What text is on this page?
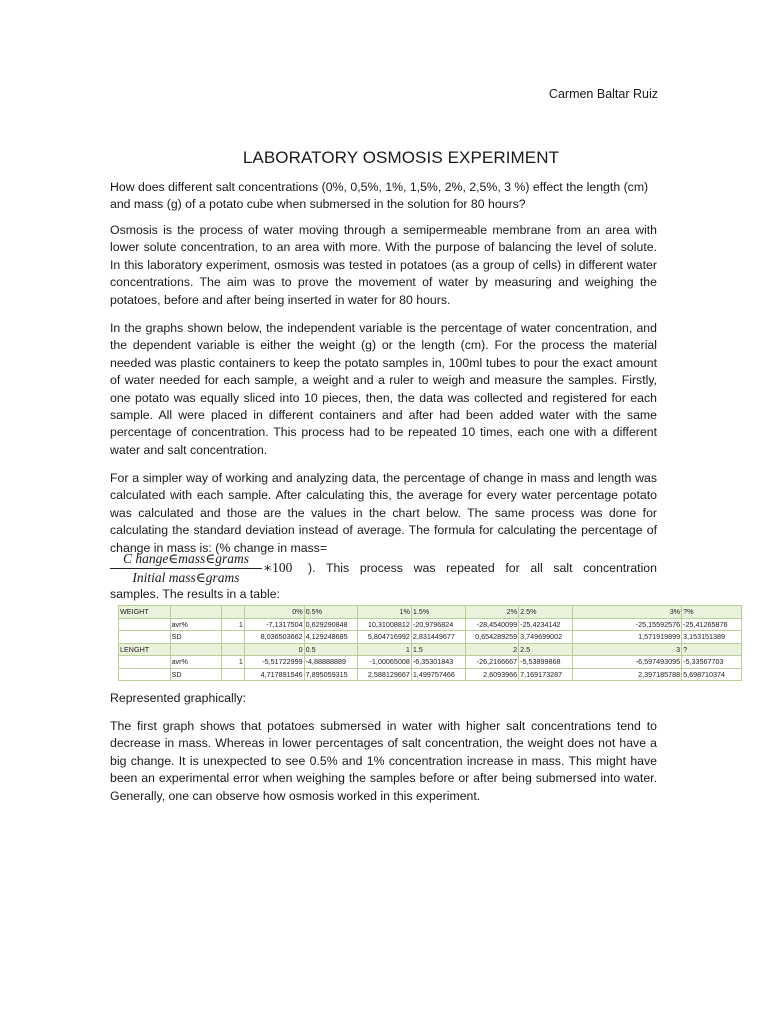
Carmen Baltar Ruiz
LABORATORY OSMOSIS EXPERIMENT

How does different salt concentrations (0%, 0,5%, 1%, 1,5%, 2%, 2,5%, 3 %) effect the length (cm) and mass (g) of a potato cube when submersed in the solution for 80 hours?

Osmosis is the process of water moving through a semipermeable membrane from an area with lower solute concentration, to an area with more. With the purpose of balancing the level of solute. In this laboratory experiment, osmosis was tested in potatoes (as a group of cells) in different water concentrations. The aim was to prove the movement of water by measuring and weighing the potatoes, before and after being inserted in water for 80 hours.

In the graphs shown below, the independent variable is the percentage of water concentration, and the dependent variable is either the weight (g) or the length (cm). For the process the material needed was plastic containers to keep the potato samples in, 100ml tubes to pour the exact amount of water needed for each sample, a weight and a ruler to weigh and measure the samples. Firstly, one potato was equally sliced into 10 pieces, then, the data was collected and registered for each sample. All were placed in different containers and after had been added water with the same percentage of concentration. This process had to be repeated 10 times, each one with a different water and salt concentration.

For a simpler way of working and analyzing data, the percentage of change in mass and length was calculated with each sample. After calculating this, the average for every water percentage potato was calculated and those are the values in the chart below. The same process was done for calculating the standard deviation instead of average. The formula for calculating the percentage of change in mass is: (% change in mass=

C hange∈mass∈grams
Initial mass∈grams
∗100 ). This process was repeated for all salt concentration
samples. The results in a table:
WEIGHT			0%	0.5%	1%	1.5%	2%	2.5%	3%	?%
	avr%	1	-7,1317504	0,629290848	10,31008812	-20,9796824	-28,4540099	-25,4234142	-25,15592576	-25,41265876
	SD		8,036503662	4,129248685	5,804716992	2,831449677	0,654289259	3,749699002	1,571919899	3,153151389
LENGHT			0	0.5	1	1.5	2	2.5	3	?
	avr%	1	-5,51722999	-4,88888889	-1,00065008	-6,35301843	-26,2166667	-5,53899868	-6,597493095	-5,33567703
	SD		4,717891546	7,895059315	2,588129667	1,499757466	2,6093966	7,169173287	2,397185788	5,698710374
Represented graphically:

The first graph shows that potatoes submersed in water with higher salt concentrations tend to decrease in mass. Whereas in lower percentages of salt concentration, the weight does not have a big change. It is unexpected to see 0.5% and 1% concentration increase in mass. This might have been an experimental error when weighing the samples before or after being submersed into water. Generally, one can observe how osmosis worked in this experiment.
